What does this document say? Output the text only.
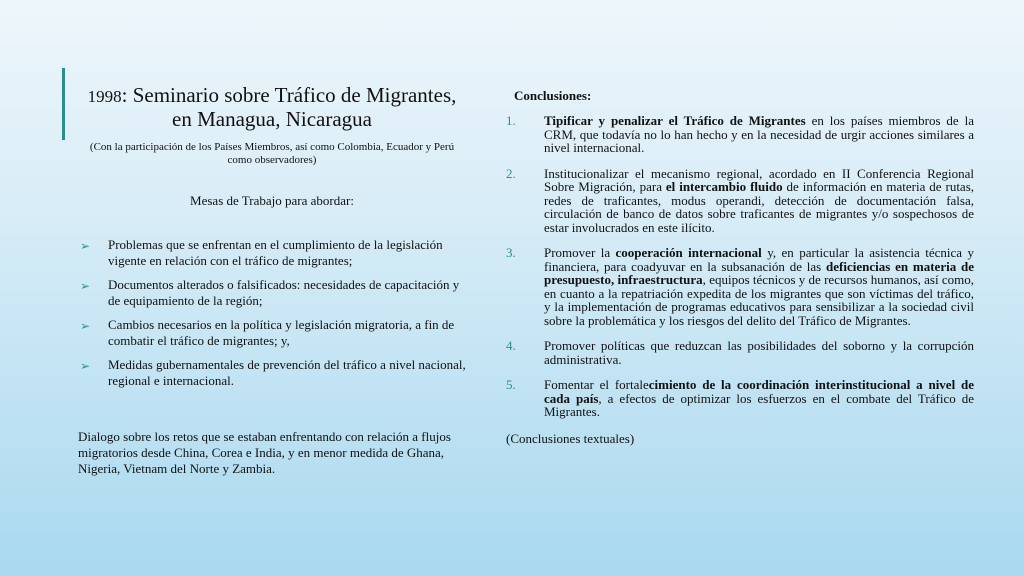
1998: Seminario sobre Tráfico de Migrantes, en Managua, Nicaragua

(Con la participación de los Países Miembros, así como Colombia, Ecuador y Perú como observadores)

Mesas de Trabajo para abordar:

➢ Problemas que se enfrentan en el cumplimiento de la legislación vigente en relación con el tráfico de migrantes;
➢ Documentos alterados o falsificados: necesidades de capacitación y de equipamiento de la región;
➢ Cambios necesarios en la política y legislación migratoria, a fin de combatir el tráfico de migrantes; y,
➢ Medidas gubernamentales de prevención del tráfico a nivel nacional, regional e internacional.
Dialogo sobre los retos que se estaban enfrentando con relación a flujos migratorios desde China, Corea e India, y en menor medida de Ghana, Nigeria, Vietnam del Norte y Zambia.
Conclusiones:
1. Tipificar y penalizar el Tráfico de Migrantes en los países miembros de la CRM, que todavía no lo han hecho y en la necesidad de urgir acciones similares a nivel internacional.
2. Institucionalizar el mecanismo regional, acordado en II Conferencia Regional Sobre Migración, para el intercambio fluido de información en materia de rutas, redes de traficantes, modus operandi, detección de documentación falsa, circulación de banco de datos sobre traficantes de migrantes y/o sospechosos de estar involucrados en este ilícito.
3. Promover la cooperación internacional y, en particular la asistencia técnica y financiera, para coadyuvar en la subsanación de las deficiencias en materia de presupuesto, infraestructura, equipos técnicos y de recursos humanos, así como, en cuanto a la repatriación expedita de los migrantes que son víctimas del tráfico, y la implementación de programas educativos para sensibilizar a la sociedad civil sobre la problemática y los riesgos del delito del Tráfico de Migrantes.
4. Promover políticas que reduzcan las posibilidades del soborno y la corrupción administrativa.
5. Fomentar el fortalecimiento de la coordinación interinstitucional a nivel de cada país, a efectos de optimizar los esfuerzos en el combate del Tráfico de Migrantes.
(Conclusiones textuales)
